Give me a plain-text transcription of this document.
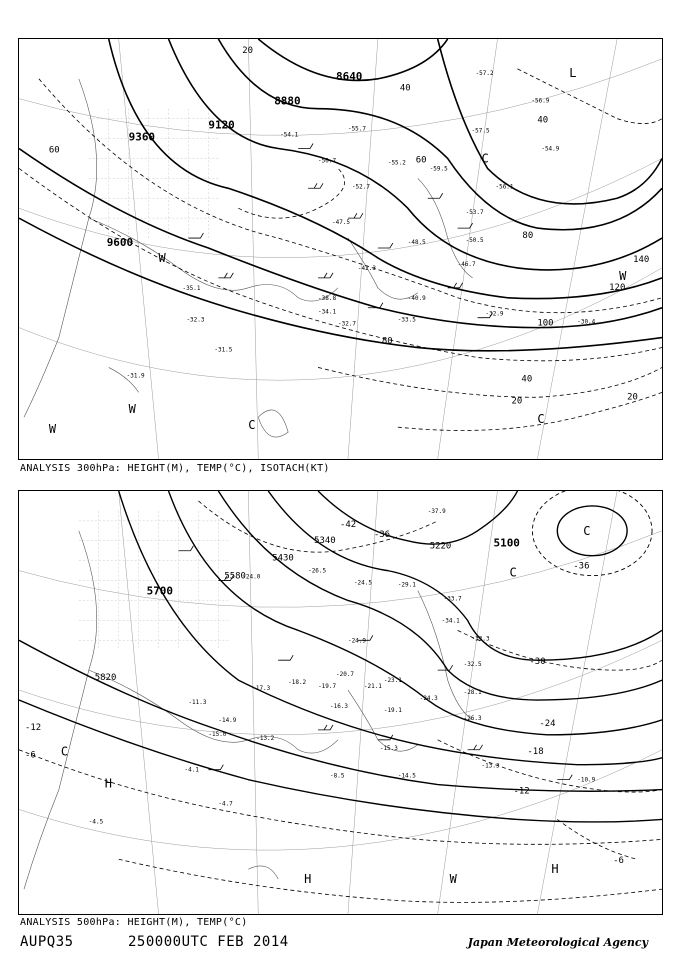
8640
8880
9120
9360
9600
20
40
60
80
100
120
140
40
60
80
20	20
40
-54.1
-50.7
-52.7
-47.5
-42.3
-48.5
-53.7
-50.5
-46.7
-34.1
-32.7
-33.5
-31.5
-32.3
-35.1
-38.8	-40.9
-32.9
-30.4
-31.9
-57.2
-55.7
-56.9
-57.5
-55.2
-59.5
-56.1
-54.9
C
C
W
W
W
W
C
L
ANALYSIS 300hPa: HEIGHT(M), TEMP(°C), ISOTACH(KT)
5100
5220
5340
5430
5580
5700
5820
-42
-36
-30
-24
-18
-12
-6
-6
-36
-12
-37.9
-24.0
-26.5
-24.5	-29.1
-33.7
-34.1
-33.3
-32.5
-28.1
-26.3
-24.3
-19.1
-16.3
-15.3
-14.5
-13.3
-10.9
-13.2
-14.9
-15.0
-11.3
-8.5
-4.1
-4.7
-4.5
-18.2
-17.3	-19.7	-21.1
-20.7
-23.1
-24.9
C
C
C
H
H
H
W
ANALYSIS 500hPa: HEIGHT(M), TEMP(°C)
AUPQ35	250000UTC FEB 2014	Japan Meteorological Agency
